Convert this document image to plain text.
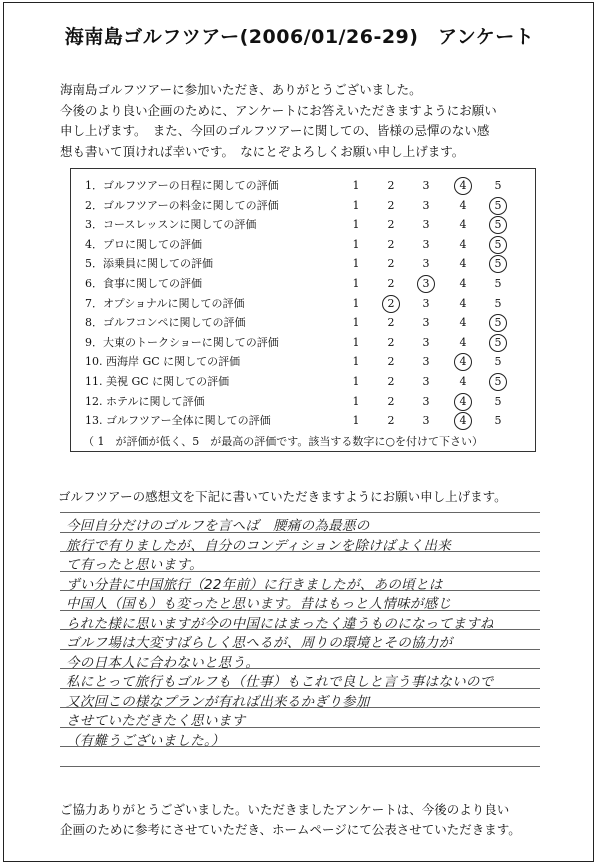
海南島ゴルフツアー(2006/01/26-29)　アンケート

海南島ゴルフツアーに参加いただき、ありがとうございました。

今後のより良い企画のために、アンケートにお答えいただきますようにお願い

申し上げます。　また、今回のゴルフツアーに関しての、皆様の忌憚のない感

想も書いて頂ければ幸いです。　なにとぞよろしくお願い申し上げます。

（ 1　が評価が低く、5　が最高の評価です。該当する数字に○を付けて下さい）
1．ゴルフツアーの日程に関しての評価	1	2	3	4	5
2．ゴルフツアーの料金に関しての評価	1	2	3	4	5
3．コースレッスンに関しての評価	1	2	3	4	5
4．プロに関しての評価	1	2	3	4	5
5．添乗員に関しての評価	1	2	3	4	5
6．食事に関しての評価	1	2	3	4	5
7．オプショナルに関しての評価	1	2	3	4	5
8．ゴルフコンペに関しての評価	1	2	3	4	5
9．大東のトークショーに関しての評価	1	2	3	4	5
10. 西海岸 GC に関しての評価	1	2	3	4	5
11. 美視 GC に関しての評価	1	2	3	4	5
12. ホテルに関して評価	1	2	3	4	5
13. ゴルフツアー全体に関しての評価	1	2	3	4	5
ゴルフツアーの感想文を下記に書いていただきますようにお願い申し上げます。
今回自分だけのゴルフを言へば　腰痛の為最悪の
旅行で有りましたが、自分のコンディションを除けばよく出来
て有ったと思います。
ずい分昔に中国旅行（22年前）に行きましたが、あの頃とは
中国人（国も）も変ったと思います。昔はもっと人情味が感じ
られた様に思いますが今の中国にはまったく違うものになってますね
ゴルフ場は大変すばらしく思へるが、周りの環境とその協力が
今の日本人に合わないと思う。
私にとって旅行もゴルフも（仕事）もこれで良しと言う事はないので
又次回この様なプランが有れば出来るかぎり参加
させていただきたく思います
（有難うございました。）

ご協力ありがとうございました。いただきましたアンケートは、今後のより良い

企画のために参考にさせていただき、ホームページにて公表させていただきます。
